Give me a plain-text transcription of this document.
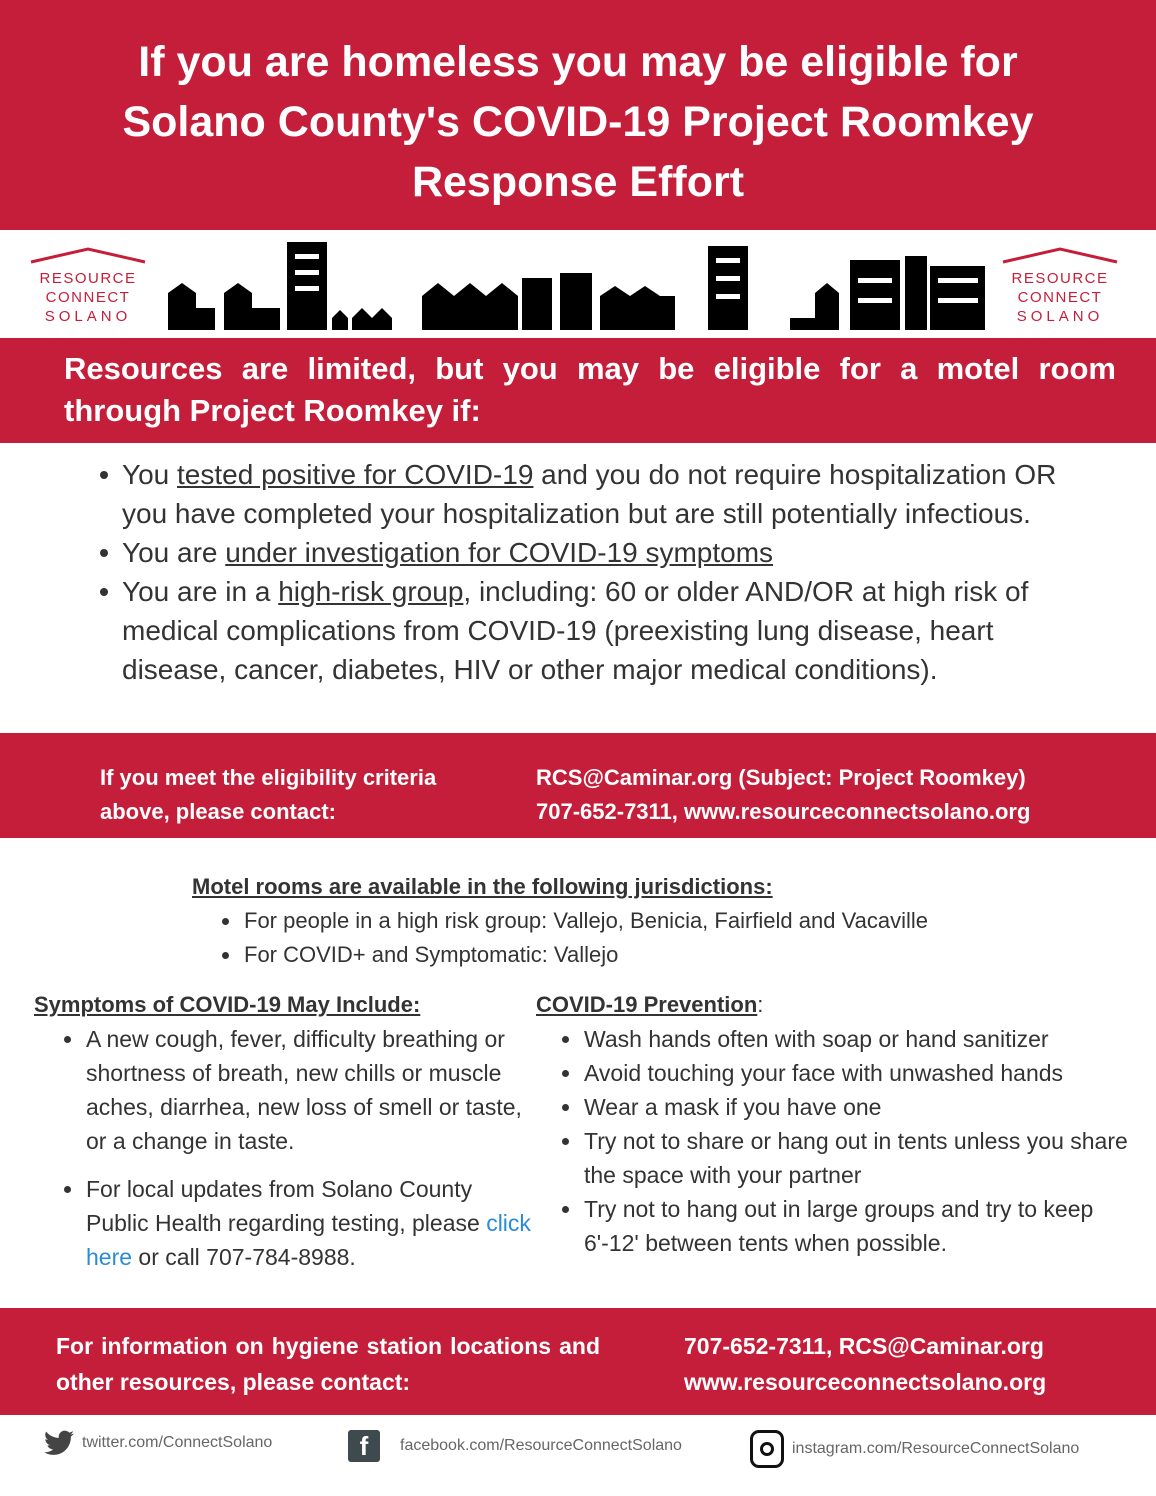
If you are homeless you may be eligible for
Solano County's COVID-19 Project Roomkey
Response Effort
RESOURCE
CONNECT
SOLANO
RESOURCE
CONNECT
SOLANO
Resources are limited, but you may be eligible for a motel room through Project Roomkey if:
You tested positive for COVID-19 and you do not require hospitalization OR you have completed your hospitalization but are still potentially infectious.
You are under investigation for COVID-19 symptoms
You are in a high-risk group, including: 60 or older AND/OR at high risk of medical complications from COVID-19 (preexisting lung disease, heart disease, cancer, diabetes, HIV or other major medical conditions).
If you meet the eligibility criteria above, please contact:
RCS@Caminar.org (Subject: Project Roomkey)
707-652-7311, www.resourceconnectsolano.org
Motel rooms are available in the following jurisdictions:
For people in a high risk group: Vallejo, Benicia, Fairfield and Vacaville
For COVID+ and Symptomatic: Vallejo
Symptoms of COVID-19 May Include:
A new cough, fever, difficulty breathing or shortness of breath, new chills or muscle aches, diarrhea, new loss of smell or taste, or a change in taste.
For local updates from Solano County Public Health regarding testing, please click here or call 707-784-8988.
COVID-19 Prevention:
Wash hands often with soap or hand sanitizer
Avoid touching your face with unwashed hands
Wear a mask if you have one
Try not to share or hang out in tents unless you share the space with your partner
Try not to hang out in large groups and try to keep 6'-12' between tents when possible.
For information on hygiene station locations and other resources, please contact:
707-652-7311, RCS@Caminar.org
www.resourceconnectsolano.org
twitter.com/ConnectSolano	f	facebook.com/ResourceConnectSolano	instagram.com/ResourceConnectSolano
